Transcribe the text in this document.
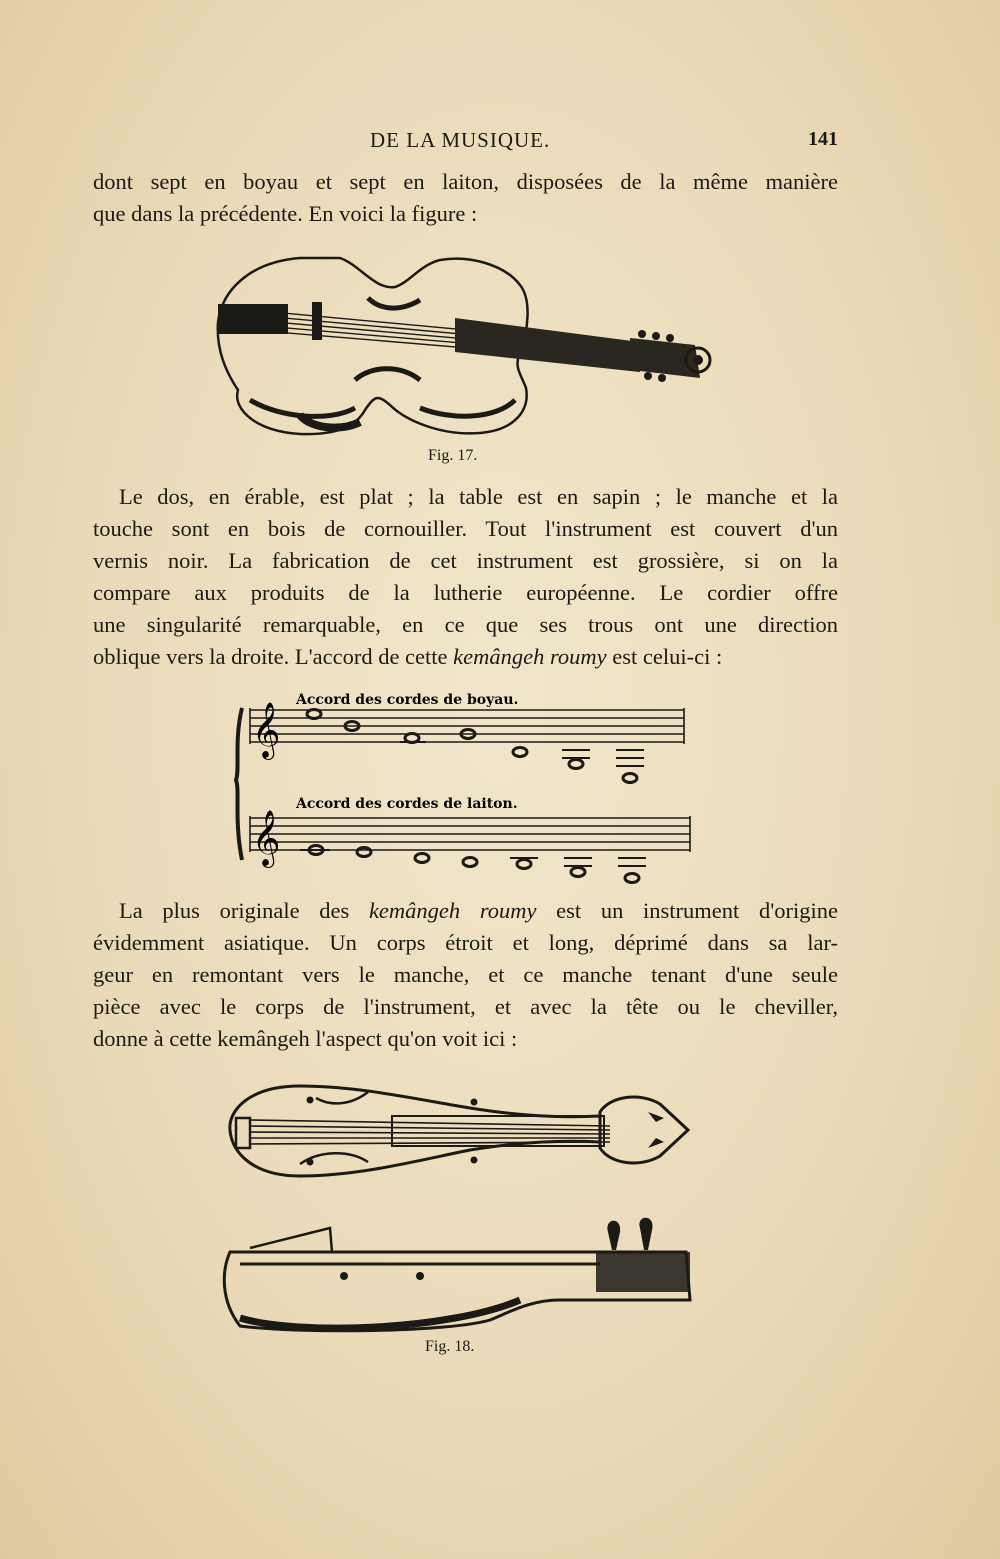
DE LA MUSIQUE.	141
dont sept en boyau et sept en laiton, disposées de la même manière
que dans la précédente. En voici la figure :
Fig. 17.
Le dos, en érable, est plat ; la table est en sapin ; le manche et la
touche sont en bois de cornouiller. Tout l'instrument est couvert d'un
vernis noir. La fabrication de cet instrument est grossière, si on la
compare aux produits de la lutherie européenne. Le cordier offre
une singularité remarquable, en ce que ses trous ont une direction
oblique vers la droite. L'accord de cette kemângeh roumy est celui-ci :
Accord des cordes de boyau.
Accord des cordes de laiton.
𝄞
𝄞
La plus originale des kemângeh roumy est un instrument d'origine
évidemment asiatique. Un corps étroit et long, déprimé dans sa lar-
geur en remontant vers le manche, et ce manche tenant d'une seule
pièce avec le corps de l'instrument, et avec la tête ou le cheviller,
donne à cette kemângeh l'aspect qu'on voit ici :
Fig. 18.
